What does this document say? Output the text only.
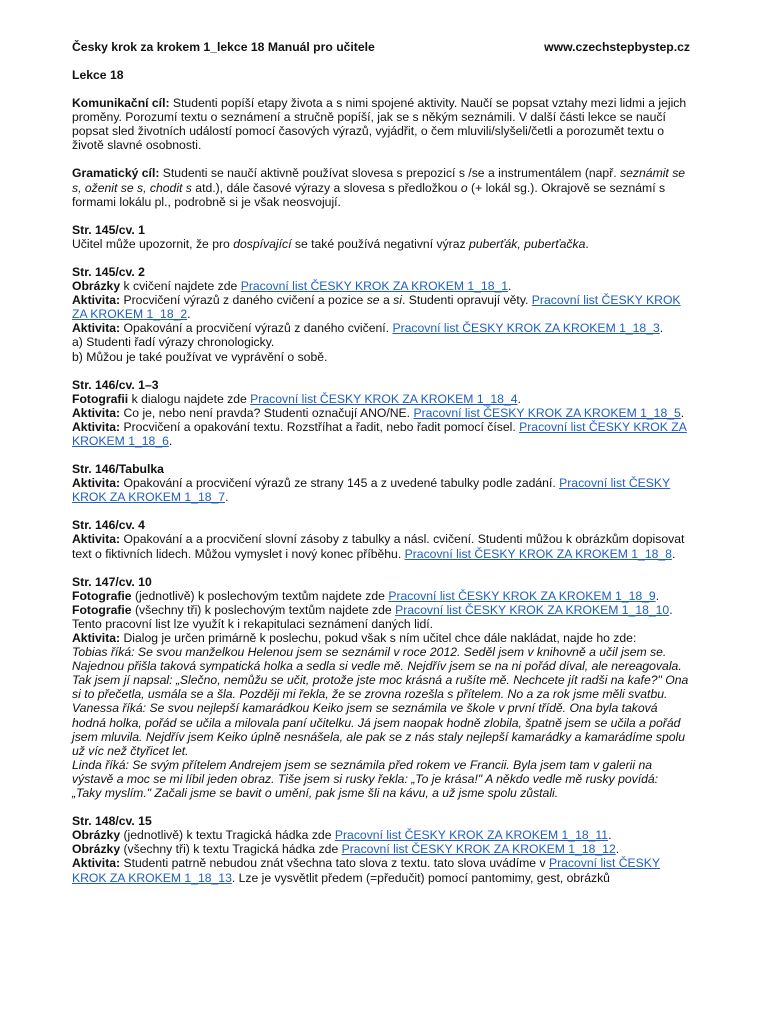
Česky krok za krokem 1_lekce 18 Manuál pro učitele	www.czechstepbystep.cz
Lekce 18

Komunikační cíl: Studenti popíší etapy života a s nimi spojené aktivity. Naučí se popsat vztahy mezi lidmi a jejich proměny. Porozumí textu o seznámení a stručně popíší, jak se s někým seznámili. V další části lekce se naučí popsat sled životních událostí pomocí časových výrazů, vyjádřit, o čem mluvili/slyšeli/četli a porozumět textu o životě slavné osobnosti.

Gramatický cíl: Studenti se naučí aktivně používat slovesa s prepozicí s /se a instrumentálem (např. seznámit se s, oženit se s, chodit s atd.), dále časové výrazy a slovesa s předložkou o (+ lokál sg.). Okrajově se seznámí s formami lokálu pl., podrobně si je však neosvojují.

Str. 145/cv. 1

Učitel může upozornit, že pro dospívající se také používá negativní výraz puberťák, puberťačka.

Str. 145/cv. 2

Obrázky k cvičení najdete zde Pracovní list ČESKY KROK ZA KROKEM 1_18_1.

Aktivita: Procvičení výrazů z daného cvičení a pozice se a si. Studenti opravují věty. Pracovní list ČESKY KROK ZA KROKEM 1_18_2.

Aktivita: Opakování a procvičení výrazů z daného cvičení. Pracovní list ČESKY KROK ZA KROKEM 1_18_3.

a) Studenti řadí výrazy chronologicky.

b) Můžou je také používat ve vyprávění o sobě.

Str. 146/cv. 1–3

Fotografii k dialogu najdete zde Pracovní list ČESKY KROK ZA KROKEM 1_18_4.

Aktivita: Co je, nebo není pravda? Studenti označují ANO/NE. Pracovní list ČESKY KROK ZA KROKEM 1_18_5.

Aktivita: Procvičení a opakování textu. Rozstříhat a řadit, nebo řadit pomocí čísel. Pracovní list ČESKY KROK ZA KROKEM 1_18_6.

Str. 146/Tabulka

Aktivita: Opakování a procvičení výrazů ze strany 145 a z uvedené tabulky podle zadání. Pracovní list ČESKY KROK ZA KROKEM 1_18_7.

Str. 146/cv. 4

Aktivita: Opakování a a procvičení slovní zásoby z tabulky a násl. cvičení. Studenti můžou k obrázkům dopisovat text o fiktivních lidech. Můžou vymyslet i nový konec příběhu. Pracovní list ČESKY KROK ZA KROKEM 1_18_8.

Str. 147/cv. 10

Fotografie (jednotlivě) k poslechovým textům najdete zde Pracovní list ČESKY KROK ZA KROKEM 1_18_9.

Fotografie (všechny tři) k poslechovým textům najdete zde Pracovní list ČESKY KROK ZA KROKEM 1_18_10. Tento pracovní list lze využít k i rekapitulaci seznámení daných lidí.

Aktivita: Dialog je určen primárně k poslechu, pokud však s ním učitel chce dále nakládat, najde ho zde:

Tobias říká: Se svou manželkou Helenou jsem se seznámil v roce 2012. Seděl jsem v knihovně a učil jsem se. Najednou přišla taková sympatická holka a sedla si vedle mě. Nejdřív jsem se na ni pořád díval, ale nereagovala. Tak jsem jí napsal: „Slečno, nemůžu se učit, protože jste moc krásná a rušíte mě. Nechcete jít radši na kafe?" Ona si to přečetla, usmála se a šla. Později mi řekla, že se zrovna rozešla s přítelem. No a za rok jsme měli svatbu.

Vanessa říká: Se svou nejlepší kamarádkou Keiko jsem se seznámila ve škole v první třídě. Ona byla taková hodná holka, pořád se učila a milovala paní učitelku. Já jsem naopak hodně zlobila, špatně jsem se učila a pořád jsem mluvila. Nejdřív jsem Keiko úplně nesnášela, ale pak se z nás staly nejlepší kamarádky a kamarádíme spolu už víc než čtyřicet let.

Linda říká: Se svým přítelem Andrejem jsem se seznámila před rokem ve Francii. Byla jsem tam v galerii na výstavě a moc se mi líbil jeden obraz. Tiše jsem si rusky řekla: „To je krása!" A někdo vedle mě rusky povídá: „Taky myslím." Začali jsme se bavit o umění, pak jsme šli na kávu, a už jsme spolu zůstali.

Str. 148/cv. 15

Obrázky (jednotlivě) k textu Tragická hádka zde Pracovní list ČESKY KROK ZA KROKEM 1_18_11.

Obrázky (všechny tři) k textu Tragická hádka zde Pracovní list ČESKY KROK ZA KROKEM 1_18_12.

Aktivita: Studenti patrně nebudou znát všechna tato slova z textu. tato slova uvádíme v Pracovní list ČESKY KROK ZA KROKEM 1_18_13. Lze je vysvětlit předem (=předučit) pomocí pantomimy, gest, obrázků
